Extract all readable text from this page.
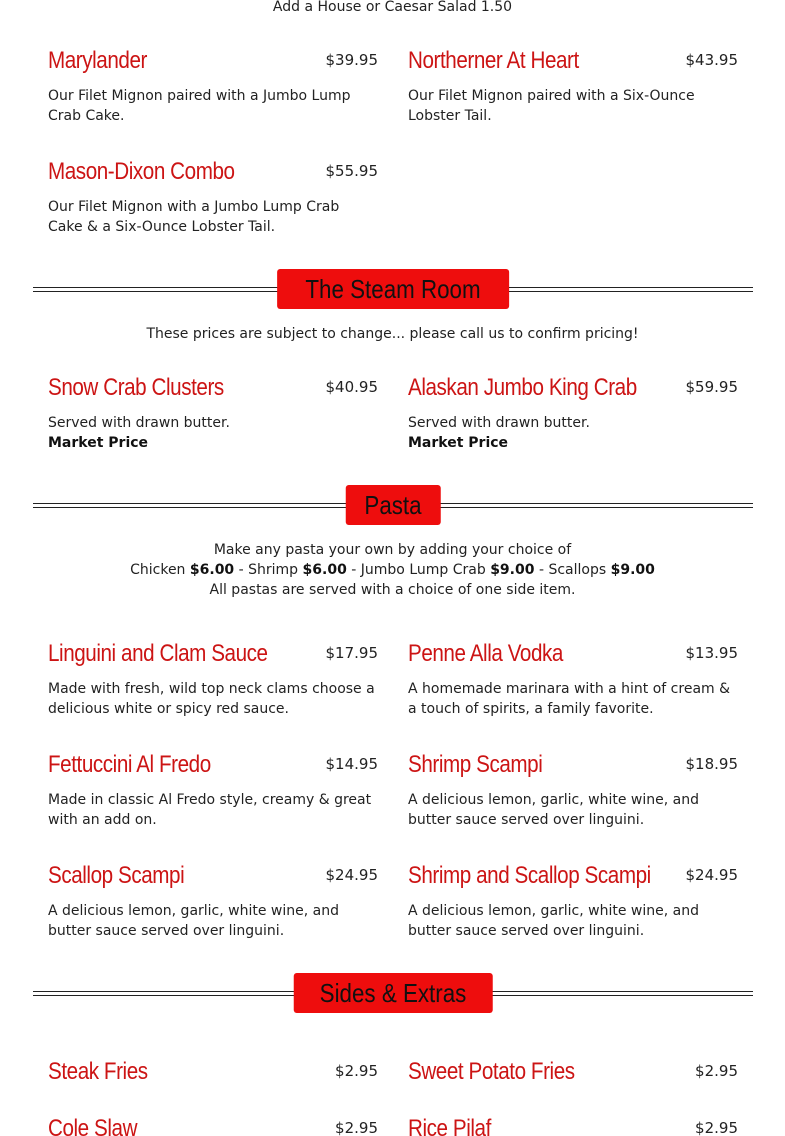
Add a House or Caesar Salad 1.50
Marylander	$39.95
Our Filet Mignon paired with a Jumbo Lump Crab Cake.
Northerner At Heart	$43.95
Our Filet Mignon paired with a Six-Ounce Lobster Tail.
Mason-Dixon Combo	$55.95
Our Filet Mignon with a Jumbo Lump Crab Cake & a Six-Ounce Lobster Tail.
The Steam Room
These prices are subject to change... please call us to confirm pricing!
Snow Crab Clusters	$40.95
Served with drawn butter.
Market Price
Alaskan Jumbo King Crab	$59.95
Served with drawn butter.
Market Price
Pasta
Make any pasta your own by adding your choice of
Chicken $6.00 - Shrimp $6.00 - Jumbo Lump Crab $9.00 - Scallops $9.00
All pastas are served with a choice of one side item.
Linguini and Clam Sauce	$17.95
Made with fresh, wild top neck clams choose a delicious white or spicy red sauce.
Penne Alla Vodka	$13.95
A homemade marinara with a hint of cream & a touch of spirits, a family favorite.
Fettuccini Al Fredo	$14.95
Made in classic Al Fredo style, creamy & great with an add on.
Shrimp Scampi	$18.95
A delicious lemon, garlic, white wine, and butter sauce served over linguini.
Scallop Scampi	$24.95
A delicious lemon, garlic, white wine, and butter sauce served over linguini.
Shrimp and Scallop Scampi $24.95
A delicious lemon, garlic, white wine, and butter sauce served over linguini.
Sides & Extras
Steak Fries	$2.95 Sweet Potato Fries	$2.95
Cole Slaw	$2.95 Rice Pilaf	$2.95
